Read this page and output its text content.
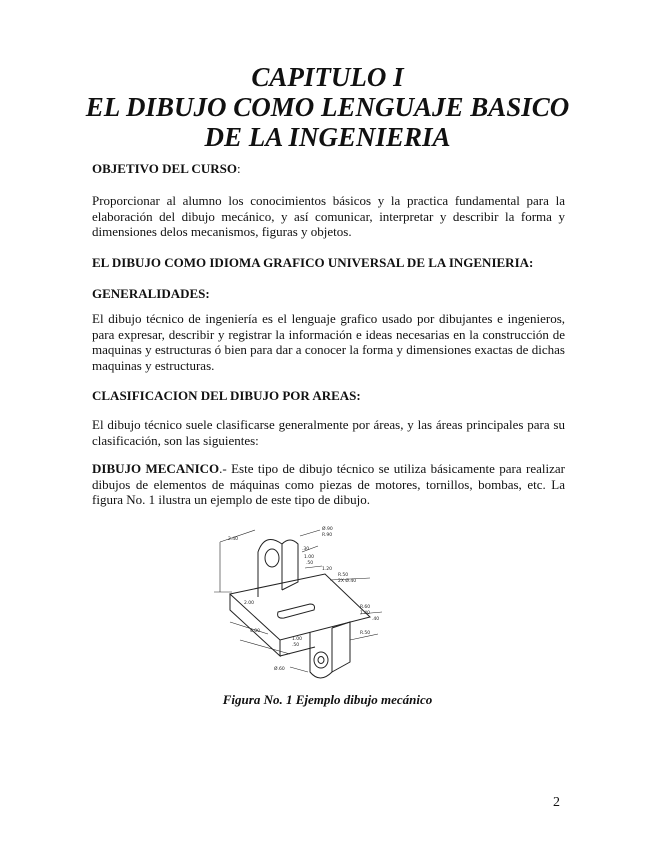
CAPITULO I
EL DIBUJO COMO LENGUAJE BASICO
DE LA INGENIERIA
OBJETIVO DEL CURSO:
Proporcionar al alumno los conocimientos básicos y la practica fundamental para la elaboración del dibujo mecánico, y así comunicar, interpretar y describir la forma y dimensiones delos mecanismos, figuras y objetos.
EL DIBUJO COMO IDIOMA GRAFICO UNIVERSAL DE LA INGENIERIA:
GENERALIDADES:
El dibujo técnico de ingeniería es el lenguaje grafico usado por dibujantes e ingenieros, para expresar, describir y registrar la información e ideas necesarias en la construcción de maquinas y estructuras ó bien para dar a conocer la forma y dimensiones exactas de dichas maquinas y estructuras.
CLASIFICACION DEL DIBUJO POR AREAS:
El dibujo técnico suele clasificarse generalmente por áreas, y las áreas principales para su clasificación, son las siguientes:
DIBUJO MECANICO.- Este tipo de dibujo técnico se utiliza básicamente para realizar dibujos de elementos de máquinas como piezas de motores, tornillos, bombas, etc. La figura No. 1 ilustra un ejemplo de este tipo de dibujo.
2.40
Ø.90
R.90
.30
1.00
.50
1.20
2.00
R.50
4.00
2X Ø.40
R.60
1.40
.40
1.00
.50
R.50
Ø.60
Figura No. 1 Ejemplo dibujo mecánico
2
